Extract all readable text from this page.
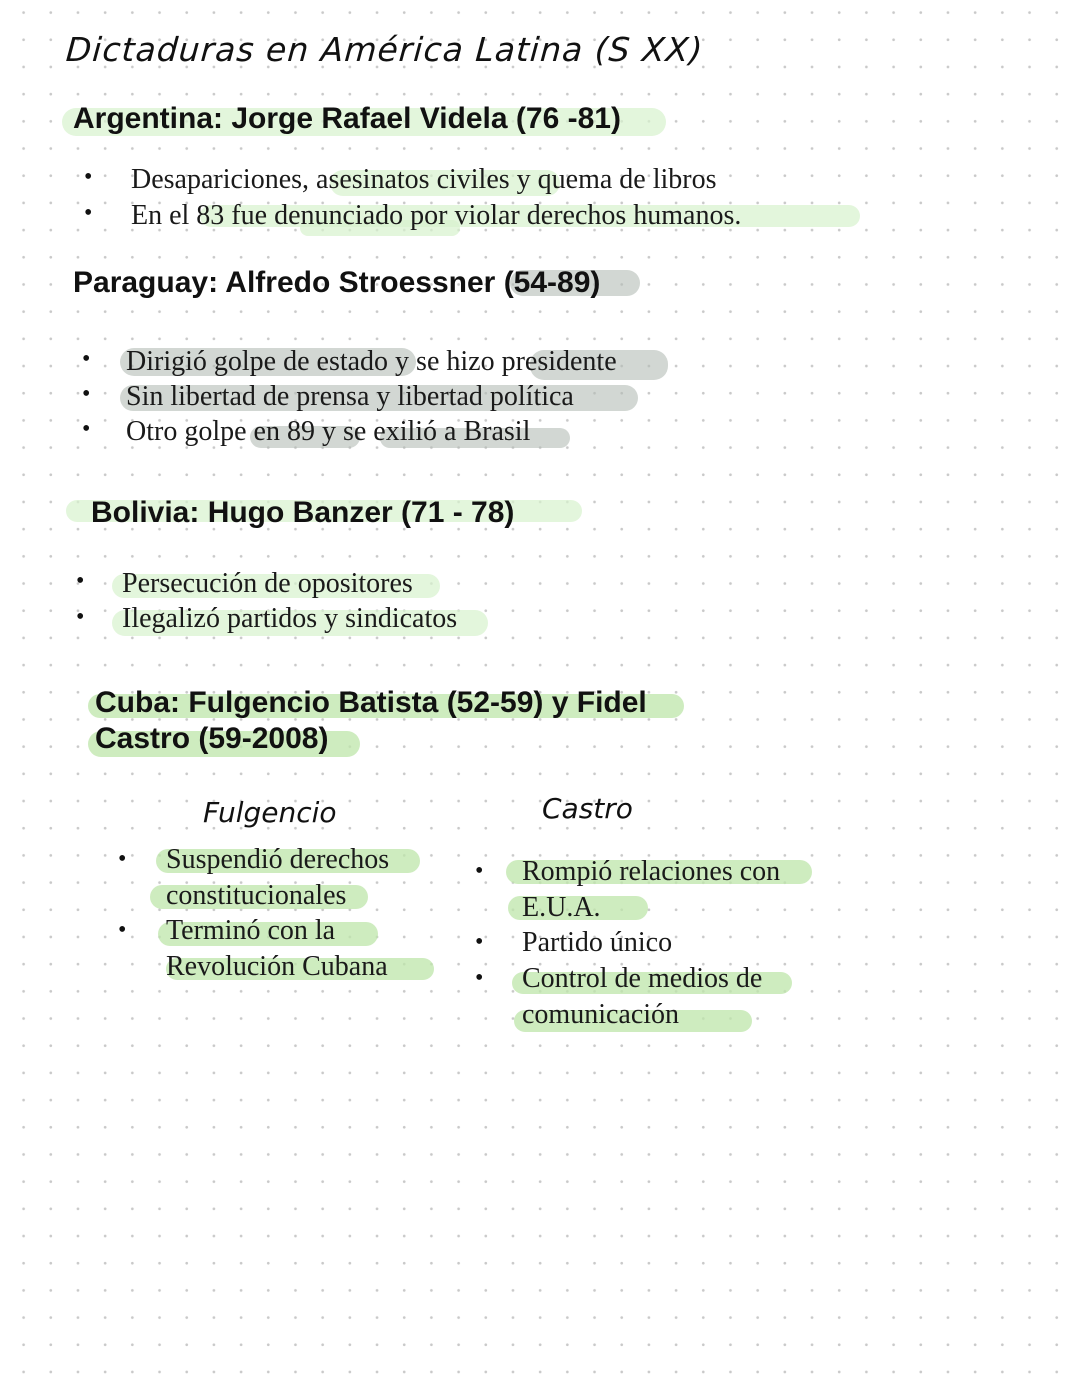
Dictaduras en América Latina (S XX)
Argentina: Jorge Rafael Videla (76 -81)
• Desapariciones, asesinatos civiles y quema de libros
• En el 83 fue denunciado por violar derechos humanos.
Paraguay: Alfredo Stroessner (54-89)
• Dirigió golpe de estado y se hizo presidente
• Sin libertad de prensa y libertad política
• Otro golpe en 89 y se exilió a Brasil
Bolivia: Hugo Banzer (71 - 78)
• Persecución de opositores
• Ilegalizó partidos y sindicatos
Cuba: Fulgencio Batista (52-59) y Fidel
Castro (59-2008)
Fulgencio
• Suspendió derechos
constitucionales
• Terminó con la
Revolución Cubana
Castro
• Rompió relaciones con
E.U.A.
• Partido único
• Control de medios de
comunicación
